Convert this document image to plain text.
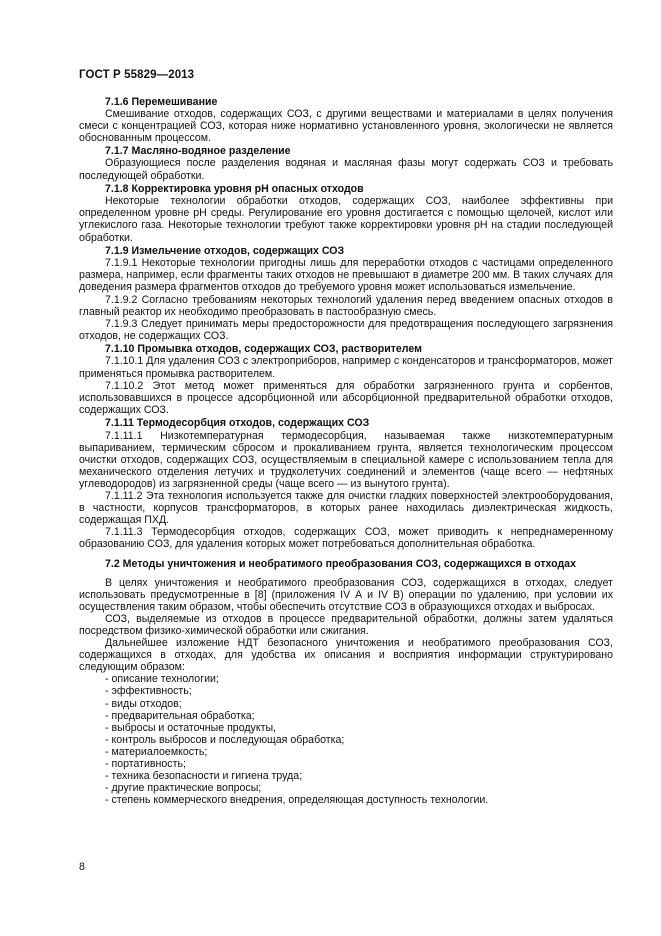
ГОСТ Р 55829—2013

7.1.6 Перемешивание

Смешивание отходов, содержащих СОЗ, с другими веществами и материалами в целях получения смеси с концентрацией СОЗ, которая ниже нормативно установленного уровня, экологически не является обоснованным процессом.

7.1.7 Масляно-водяное разделение

Образующиеся после разделения водяная и масляная фазы могут содержать СОЗ и требовать последующей обработки.

7.1.8 Корректировка уровня pH опасных отходов

Некоторые технологии обработки отходов, содержащих СОЗ, наиболее эффективны при определенном уровне pH среды. Регулирование его уровня достигается с помощью щелочей, кислот или углекислого газа. Некоторые технологии требуют также корректировки уровня pH на стадии последующей обработки.

7.1.9 Измельчение отходов, содержащих СОЗ

7.1.9.1 Некоторые технологии пригодны лишь для переработки отходов с частицами определенного размера, например, если фрагменты таких отходов не превышают в диаметре 200 мм. В таких случаях для доведения размера фрагментов отходов до требуемого уровня может использоваться измельчение.

7.1.9.2 Согласно требованиям некоторых технологий удаления перед введением опасных отходов в главный реактор их необходимо преобразовать в пастообразную смесь.

7.1.9.3 Следует принимать меры предосторожности для предотвращения последующего загрязнения отходов, не содержащих СОЗ.

7.1.10 Промывка отходов, содержащих СОЗ, растворителем

7.1.10.1 Для удаления СОЗ с электроприборов, например с конденсаторов и трансформаторов, может применяться промывка растворителем.

7.1.10.2 Этот метод может применяться для обработки загрязненного грунта и сорбентов, использовавшихся в процессе адсорбционной или абсорбционной предварительной обработки отходов, содержащих СОЗ.

7.1.11 Термодесорбция отходов, содержащих СОЗ

7.1.11.1 Низкотемпературная термодесорбция, называемая также низкотемпературным выпариванием, термическим сбросом и прокаливанием грунта, является технологическим процессом очистки отходов, содержащих СОЗ, осуществляемым в специальной камере с использованием тепла для механического отделения летучих и трудколетучих соединений и элементов (чаще всего — нефтяных углеводородов) из загрязненной среды (чаще всего — из вынутого грунта).

7.1.11.2 Эта технология используется также для очистки гладких поверхностей электрооборудования, в частности, корпусов трансформаторов, в которых ранее находилась диэлектрическая жидкость, содержащая ПХД.

7.1.11.3 Термодесорбция отходов, содержащих СОЗ, может приводить к непреднамеренному образованию СОЗ, для удаления которых может потребоваться дополнительная обработка.

7.2 Методы уничтожения и необратимого преобразования СОЗ, содержащихся в отходах

В целях уничтожения и необратимого преобразования СОЗ, содержащихся в отходах, следует использовать предусмотренные в [8] (приложения IV А и IV В) операции по удалению, при условии их осуществления таким образом, чтобы обеспечить отсутствие СОЗ в образующихся отходах и выбросах.

СОЗ, выделяемые из отходов в процессе предварительной обработки, должны затем удаляться посредством физико-химической обработки или сжигания.

Дальнейшее изложение НДТ безопасного уничтожения и необратимого преобразования СОЗ, содержащихся в отходах, для удобства их описания и восприятия информации структурировано следующим образом:

- описание технологии;
- эффективность;
- виды отходов;
- предварительная обработка;
- выбросы и остаточные продукты,
- контроль выбросов и последующая обработка;
- материалоемкость;
- портативность;
- техника безопасности и гигиена труда;
- другие практические вопросы;
- степень коммерческого внедрения, определяющая доступность технологии.
8
